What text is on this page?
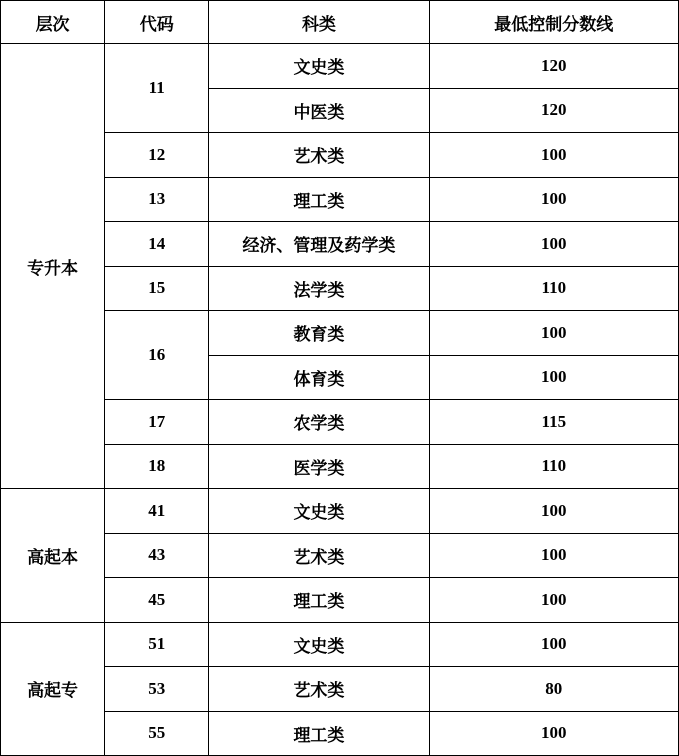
层次	代码	科类	最低控制分数线
专升本	11	文史类	120
		中医类	120
	12	艺术类	100
	13	理工类	100
	14	经济、管理及药学类	100
	15	法学类	110
	16	教育类	100
		体育类	100
	17	农学类	115
	18	医学类	110
高起本	41	文史类	100
	43	艺术类	100
	45	理工类	100
高起专	51	文史类	100
	53	艺术类	80
	55	理工类	100
